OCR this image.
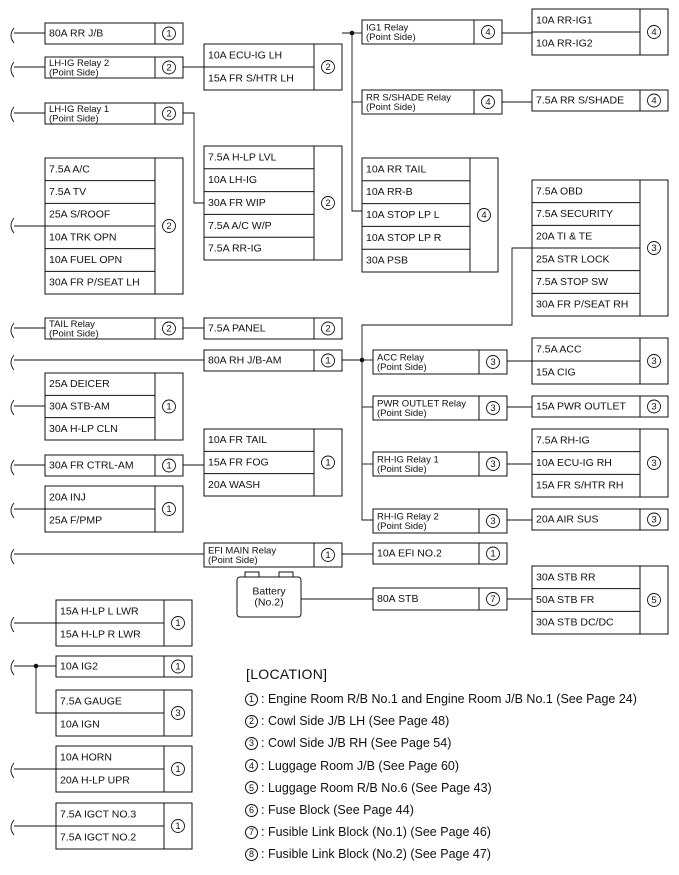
80A RR J/B	1
LH-IG Relay 2 (Point Side)	2
10A ECU-IG LH
15A FR S/HTR LH
2
LH-IG Relay 1 (Point Side)	2
7.5A H-LP LVL
10A LH-IG
30A FR WIP
7.5A A/C W/P
7.5A RR-IG
2
7.5A A/C
7.5A TV
25A S/ROOF
10A TRK OPN
10A FUEL OPN
30A FR P/SEAT LH
2
TAIL Relay (Point Side)	2	7.5A PANEL	2
80A RH J/B-AM	1
25A DEICER
30A STB-AM
30A H-LP CLN
1
30A FR CTRL-AM	1
10A FR TAIL
15A FR FOG
20A WASH
1
20A INJ
25A F/PMP
1
EFI MAIN Relay (Point Side)	1	10A EFI NO.2	1
80A STB	7
30A STB RR
50A STB FR
30A STB DC/DC
5
15A H-LP L LWR
15A H-LP R LWR
1
10A IG2	1
7.5A GAUGE
10A IGN
3
10A HORN
20A H-LP UPR
1
7.5A IGCT NO.3
7.5A IGCT NO.2
1
IG1 Relay (Point Side)	4
10A RR-IG1
10A RR-IG2
4
RR S/SHADE Relay (Point Side)	4	7.5A RR S/SHADE	4
10A RR TAIL
10A RR-B
10A STOP LP L
10A STOP LP R
30A PSB
4
7.5A OBD
7.5A SECURITY
20A TI & TE
25A STR LOCK
7.5A STOP SW
30A FR P/SEAT RH
3
ACC Relay (Point Side)	3
7.5A ACC
15A CIG
3
PWR OUTLET Relay (Point Side)	3	15A PWR OUTLET	3
RH-IG Relay 1 (Point Side)	3
7.5A RH-IG
10A ECU-IG RH
15A FR S/HTR RH
3
RH-IG Relay 2 (Point Side)	3	20A AIR SUS	3
Battery (No.2)
[LOCATION]
1 : Engine Room R/B No.1 and Engine Room J/B No.1 (See Page 24)
2 : Cowl Side J/B LH (See Page 48)
3 : Cowl Side J/B RH (See Page 54)
4 : Luggage Room J/B (See Page 60)
5 : Luggage Room R/B No.6 (See Page 43)
6 : Fuse Block (See Page 44)
7 : Fusible Link Block (No.1) (See Page 46)
8 : Fusible Link Block (No.2) (See Page 47)
